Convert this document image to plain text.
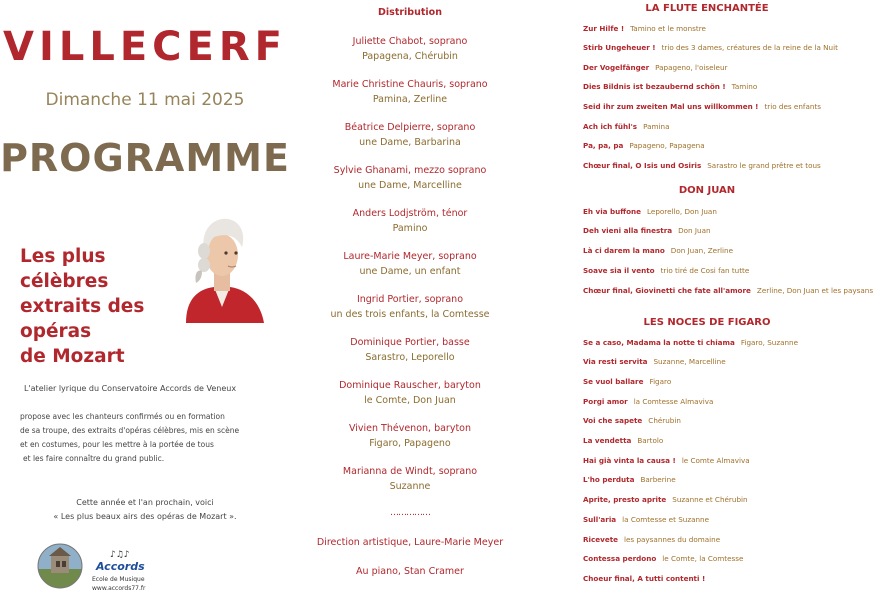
VILLECERF
Dimanche 11 mai 2025
PROGRAMME
Les plus célèbres
extraits des opéras
de Mozart
L'atelier lyrique du Conservatoire Accords de Veneux
propose avec les chanteurs confirmés ou en formation
de sa troupe, des extraits d'opéras célèbres, mis en scène
et en costumes, pour les mettre à la portée de tous
et les faire connaître du grand public.
Cette année et l'an prochain, voici
« Les plus beaux airs des opéras de Mozart ».
♪♫♪
Accords
Ecole de Musique
www.accords77.fr
Distribution
Juliette Chabot, soprano
Papagena, Chérubin
Marie Christine Chauris, soprano
Pamina, Zerline
Béatrice Delpierre, soprano
une Dame, Barbarina
Sylvie Ghanami, mezzo soprano
une Dame, Marcelline
Anders Lodjström, ténor
Pamino
Laure-Marie Meyer, soprano
une Dame, un enfant
Ingrid Portier, soprano
un des trois enfants, la Comtesse
Dominique Portier, basse
Sarastro, Leporello
Dominique Rauscher, baryton
le Comte, Don Juan
Vivien Thévenon, baryton
Figaro, Papageno
Marianna de Windt, soprano
Suzanne
……………
Direction artistique, Laure-Marie Meyer
Au piano, Stan Cramer
LA FLUTE ENCHANTÉE
Zur Hilfe ! Tamino et le monstre
Stirb Ungeheuer ! trio des 3 dames, créatures de la reine de la Nuit
Der Vogelfänger Papageno, l'oiseleur
Dies Bildnis ist bezaubernd schön ! Tamino
Seid ihr zum zweiten Mal uns willkommen ! trio des enfants
Ach ich fühl's Pamina
Pa, pa, pa Papageno, Papagena
Chœur final, O Isis und Osiris Sarastro le grand prêtre et tous
DON JUAN
Eh via buffone Leporello, Don Juan
Deh vieni alla finestra Don Juan
Là ci darem la mano Don Juan, Zerline
Soave sia il vento trio tiré de Cosi fan tutte
Chœur final, Giovinetti che fate all'amore Zerline, Don Juan et les paysans
LES NOCES DE FIGARO
Se a caso, Madama la notte ti chiama Figaro, Suzanne
Via resti servita Suzanne, Marcelline
Se vuol ballare Figaro
Porgi amor la Comtesse Almaviva
Voi che sapete Chérubin
La vendetta Bartolo
Hai già vinta la causa ! le Comte Almaviva
L'ho perduta Barberine
Aprite, presto aprite Suzanne et Chérubin
Sull'aria la Comtesse et Suzanne
Ricevete les paysannes du domaine
Contessa perdono le Comte, la Comtesse
Choeur final, A tutti contenti !
